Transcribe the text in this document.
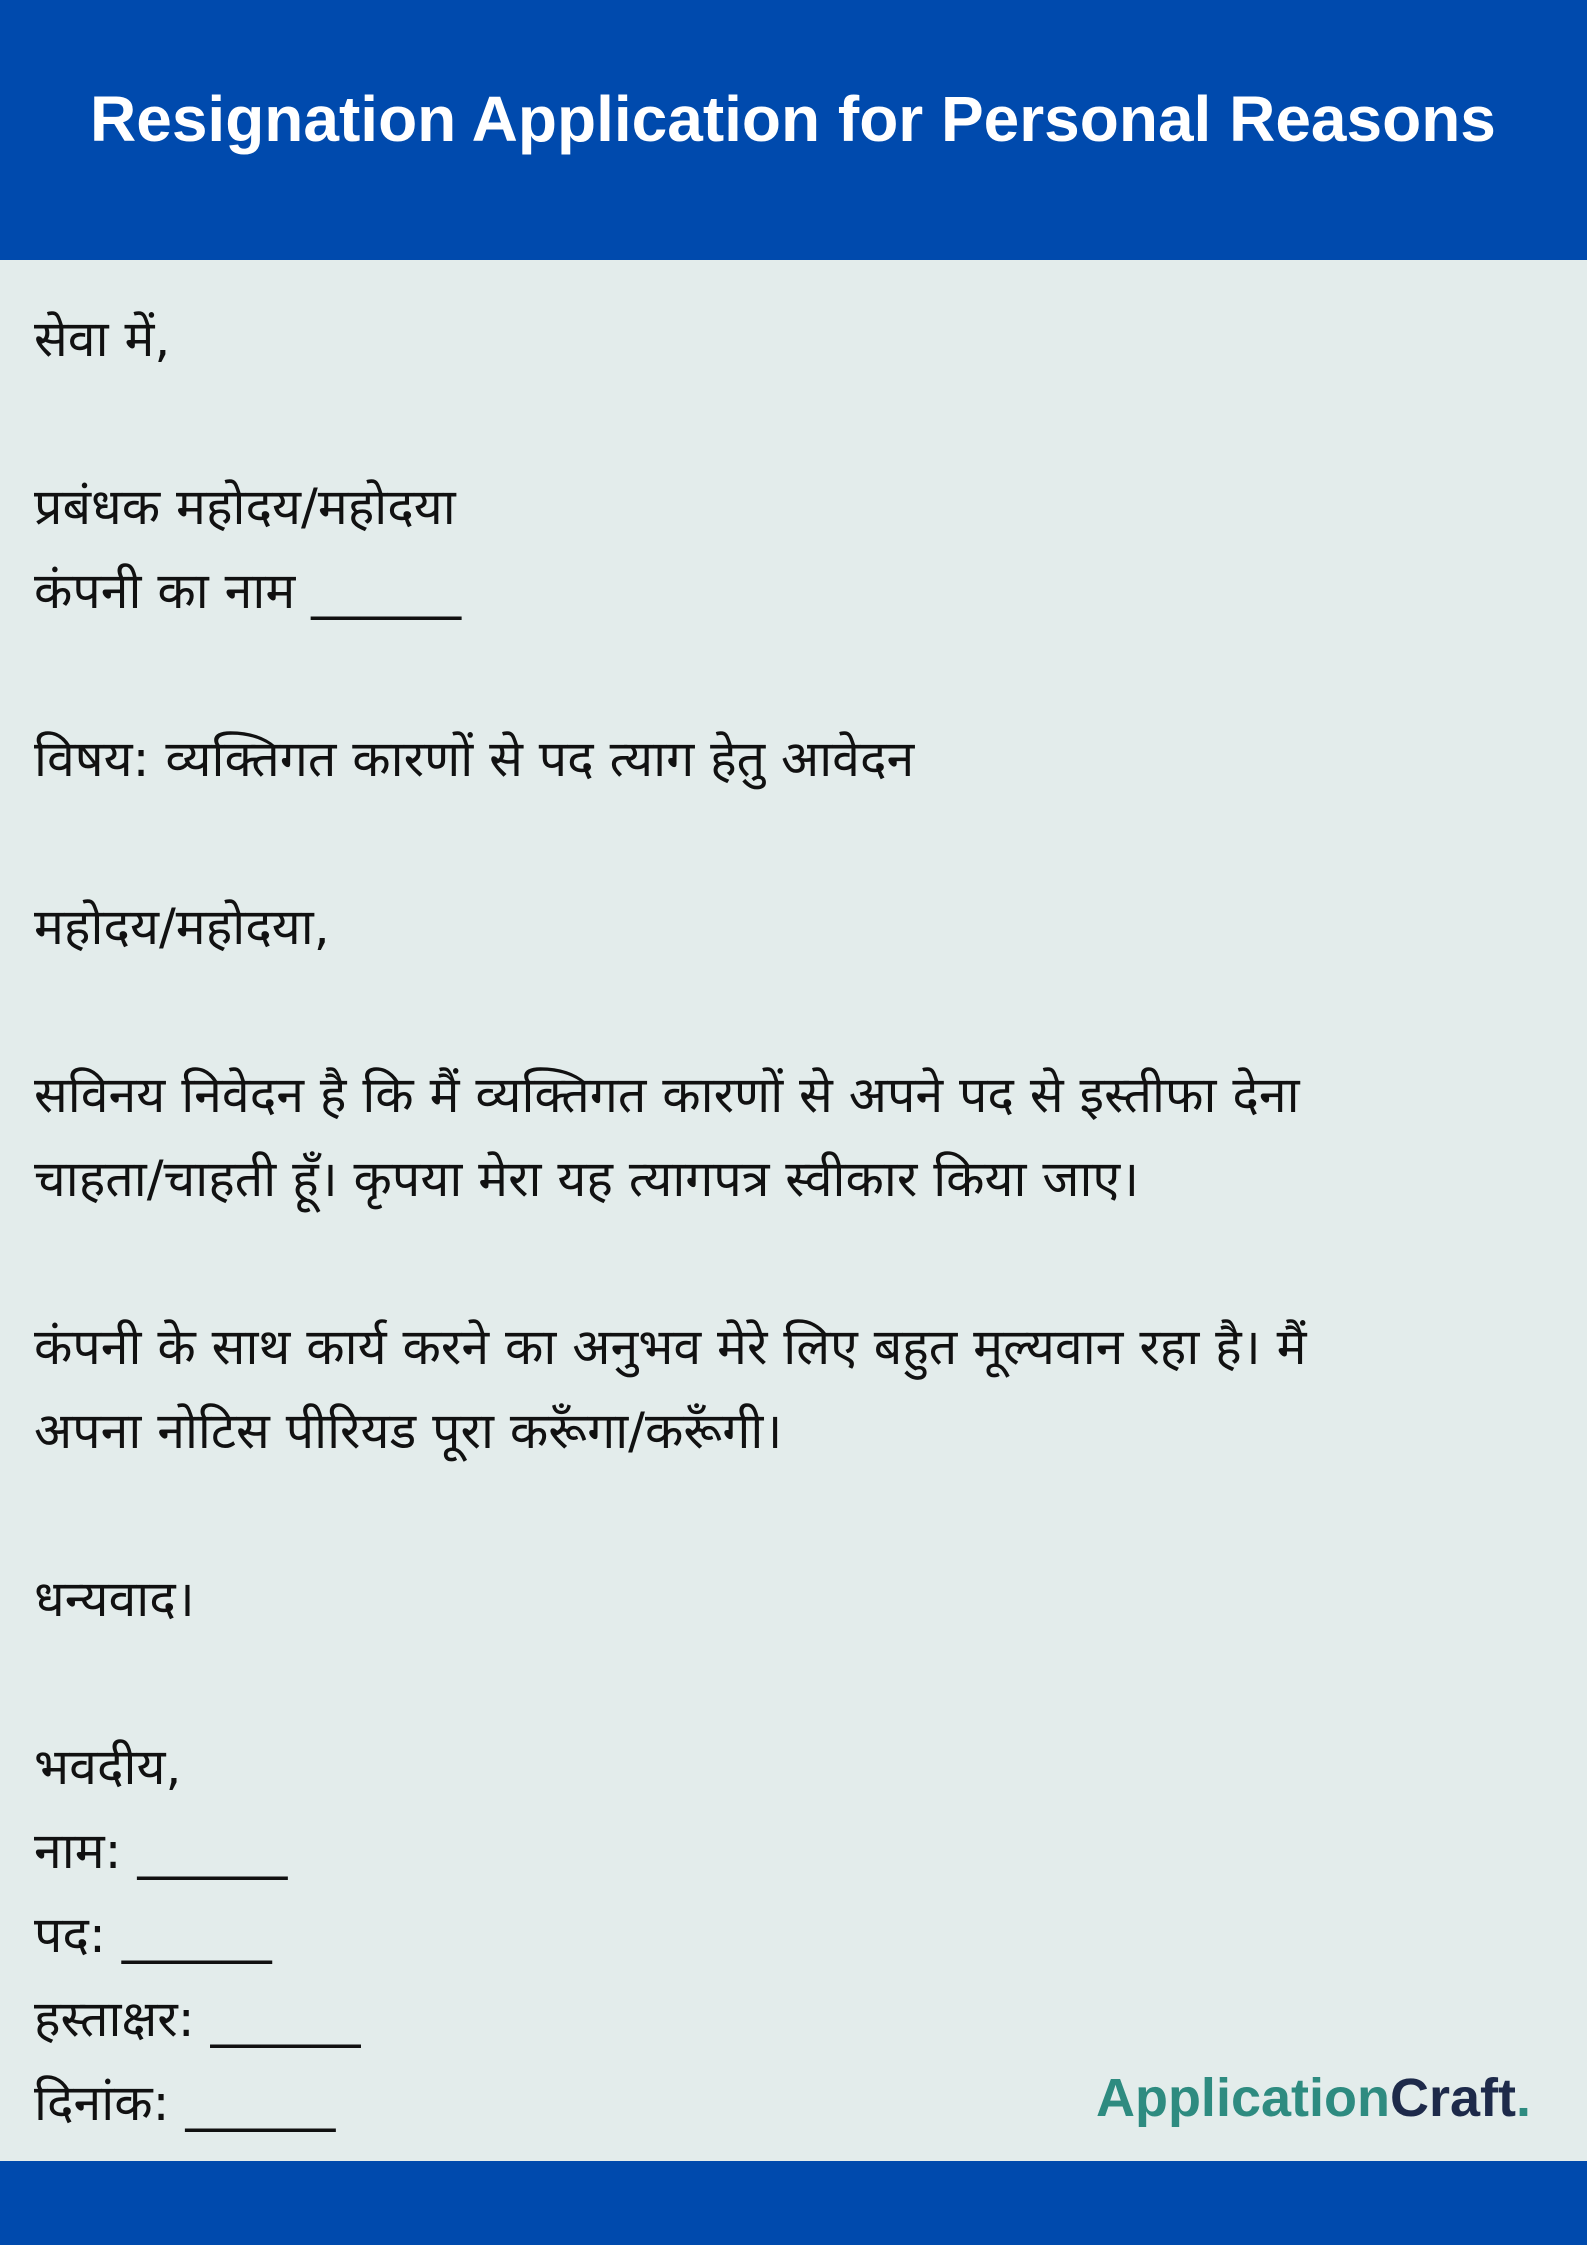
Resignation Application for Personal Reasons
सेवा में,
प्रबंधक महोदय/महोदया
कंपनी का नाम ______
विषय: व्यक्तिगत कारणों से पद त्याग हेतु आवेदन
महोदय/महोदया,
सविनय निवेदन है कि मैं व्यक्तिगत कारणों से अपने पद से इस्तीफा देना
चाहता/चाहती हूँ। कृपया मेरा यह त्यागपत्र स्वीकार किया जाए।
कंपनी के साथ कार्य करने का अनुभव मेरे लिए बहुत मूल्यवान रहा है। मैं
अपना नोटिस पीरियड पूरा करूँगा/करूँगी।
धन्यवाद।
भवदीय,
नाम: ______
पद: ______
हस्ताक्षर: ______
दिनांक: ______	ApplicationCraft.
